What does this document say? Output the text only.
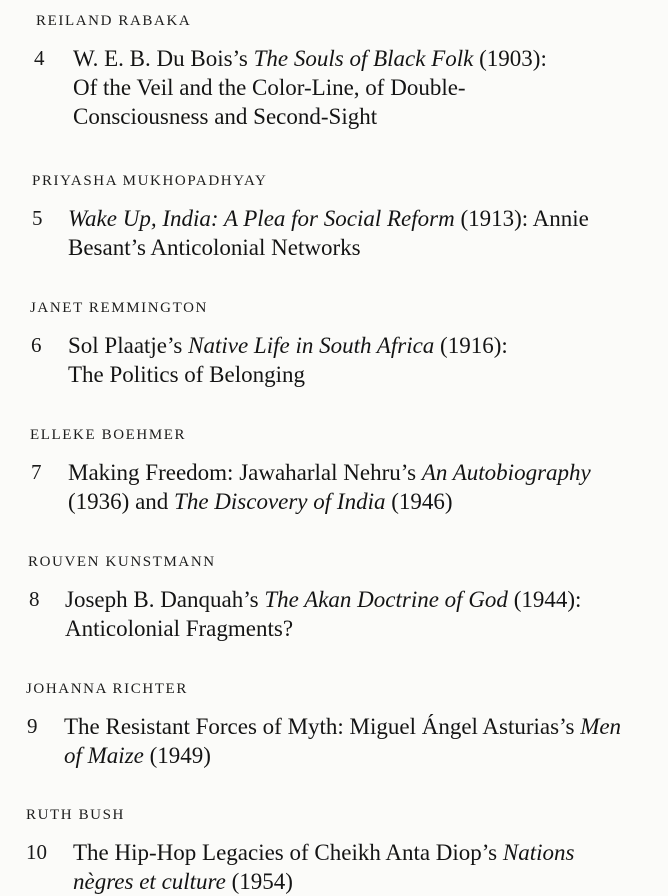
REILAND RABAKA
4 W. E. B. Du Bois’s The Souls of Black Folk (1903):
Of the Veil and the Color-Line, of Double-
Consciousness and Second-Sight
PRIYASHA MUKHOPADHYAY
5 Wake Up, India: A Plea for Social Reform (1913): Annie
Besant’s Anticolonial Networks
JANET REMMINGTON
6 Sol Plaatje’s Native Life in South Africa (1916):
The Politics of Belonging
ELLEKE BOEHMER
7 Making Freedom: Jawaharlal Nehru’s An Autobiography
(1936) and The Discovery of India (1946)
ROUVEN KUNSTMANN
8 Joseph B. Danquah’s The Akan Doctrine of God (1944):
Anticolonial Fragments?
JOHANNA RICHTER
9 The Resistant Forces of Myth: Miguel Ángel Asturias’s Men
of Maize (1949)
RUTH BUSH
10 The Hip-Hop Legacies of Cheikh Anta Diop’s Nations
nègres et culture (1954)
